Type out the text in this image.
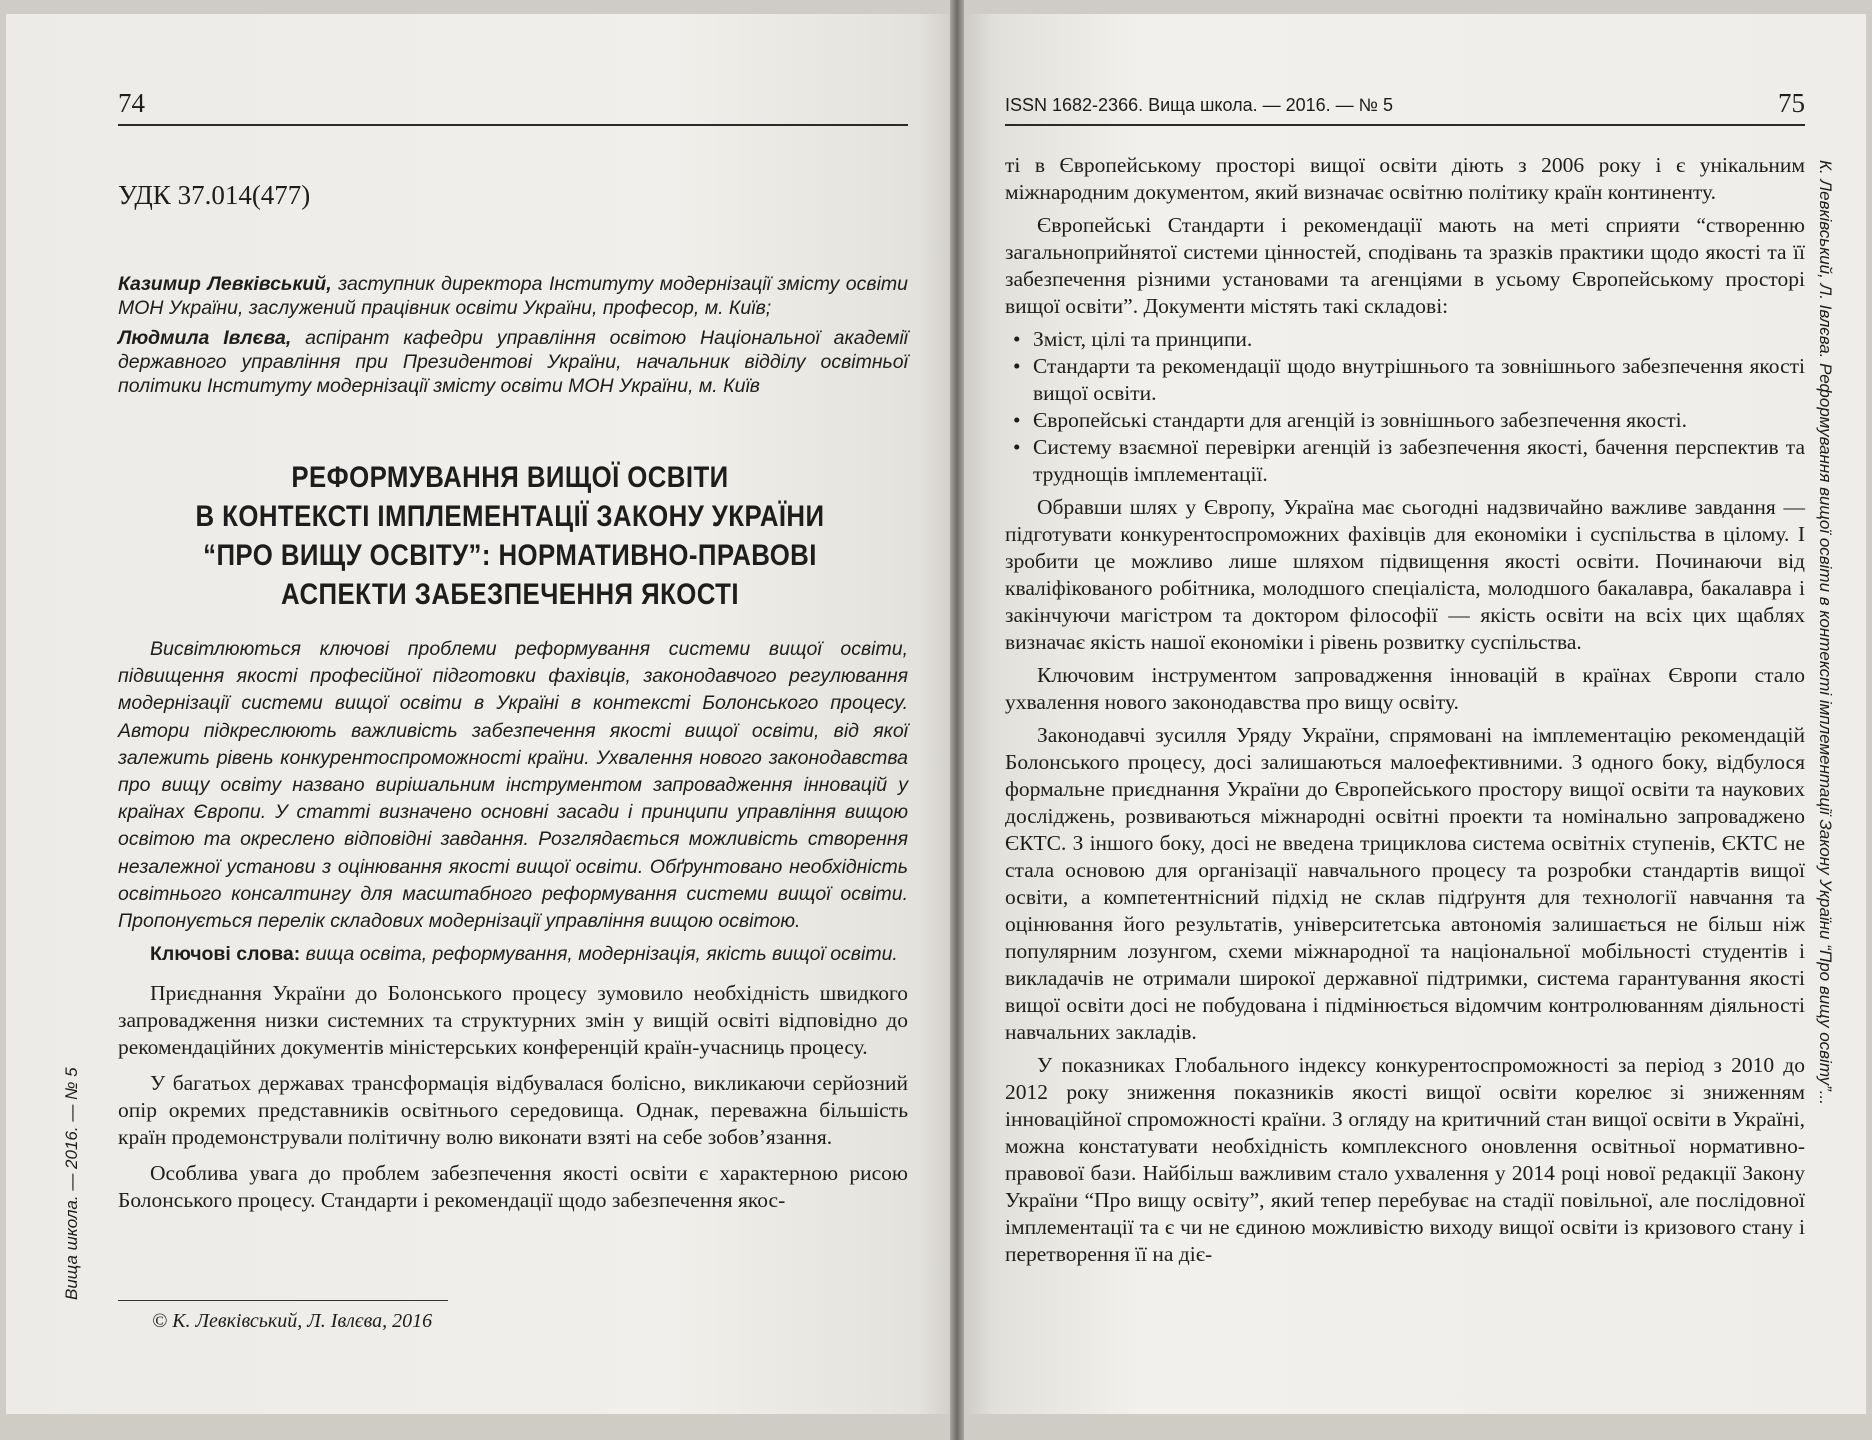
74
УДК 37.014(477)
Казимир Левківський, заступник директора Інституту модернізації змісту освіти МОН України, заслужений працівник освіти України, професор, м. Київ;
Людмила Івлєва, аспірант кафедри управління освітою Національної академії державного управління при Президентові України, начальник відділу освітньої політики Інституту модернізації змісту освіти МОН України, м. Київ
РЕФОРМУВАННЯ ВИЩОЇ ОСВІТИ
В КОНТЕКСТІ ІМПЛЕМЕНТАЦІЇ ЗАКОНУ УКРАЇНИ
“ПРО ВИЩУ ОСВІТУ”: НОРМАТИВНО-ПРАВОВІ
АСПЕКТИ ЗАБЕЗПЕЧЕННЯ ЯКОСТІ
Висвітлюються ключові проблеми реформування системи вищої освіти, підвищення якості професійної підготовки фахівців, законодавчого регулювання модернізації системи вищої освіти в Україні в контексті Болонського процесу. Автори підкреслюють важливість забезпечення якості вищої освіти, від якої залежить рівень конкурентоспроможності країни. Ухвалення нового законодавства про вищу освіту названо вирішальним інструментом запровадження інновацій у країнах Європи. У статті визначено основні засади і принципи управління вищою освітою та окреслено відповідні завдання. Розглядається можливість створення незалежної установи з оцінювання якості вищої освіти. Обґрунтовано необхідність освітнього консалтингу для масштабного реформування системи вищої освіти. Пропонується перелік складових модернізації управління вищою освітою.
Ключові слова: вища освіта, реформування, модернізація, якість вищої освіти.

Приєднання України до Болонського процесу зумовило необхідність швидкого запровадження низки системних та структурних змін у вищій освіті відповідно до рекомендаційних документів міністерських конференцій країн-учасниць процесу.

У багатьох державах трансформація відбувалася болісно, викликаючи серйозний опір окремих представників освітнього середовища. Однак, переважна більшість країн продемонстрували політичну волю виконати взяті на себе зобов’язання.

Особлива увага до проблем забезпечення якості освіти є характерною рисою Болонського процесу. Стандарти і рекомендації щодо забезпечення якос-

© К. Левківський, Л. Івлєва, 2016
Вища школа. — 2016. — № 5
ISSN 1682-2366. Вища школа. — 2016. — № 5	75

ті в Європейському просторі вищої освіти діють з 2006 року і є унікальним міжнародним документом, який визначає освітню політику країн континенту.

Європейські Стандарти і рекомендації мають на меті сприяти “створенню загальноприйнятої системи цінностей, сподівань та зразків практики щодо якості та її забезпечення різними установами та агенціями в усьому Європейському просторі вищої освіти”. Документи містять такі складові:

• Зміст, цілі та принципи.
• Стандарти та рекомендації щодо внутрішнього та зовнішнього забезпечення якості вищої освіти.
• Європейські стандарти для агенцій із зовнішнього забезпечення якості.
• Систему взаємної перевірки агенцій із забезпечення якості, бачення перспектив та труднощів імплементації.

Обравши шлях у Європу, Україна має сьогодні надзвичайно важливе завдання — підготувати конкурентоспроможних фахівців для економіки і суспільства в цілому. І зробити це можливо лише шляхом підвищення якості освіти. Починаючи від кваліфікованого робітника, молодшого спеціаліста, молодшого бакалавра, бакалавра і закінчуючи магістром та доктором філософії — якість освіти на всіх цих щаблях визначає якість нашої економіки і рівень розвитку суспільства.

Ключовим інструментом запровадження інновацій в країнах Європи стало ухвалення нового законодавства про вищу освіту.

Законодавчі зусилля Уряду України, спрямовані на імплементацію рекомендацій Болонського процесу, досі залишаються малоефективними. З одного боку, відбулося формальне приєднання України до Європейського простору вищої освіти та наукових досліджень, розвиваються міжнародні освітні проекти та номінально запроваджено ЄКТС. З іншого боку, досі не введена трициклова система освітніх ступенів, ЄКТС не стала основою для організації навчального процесу та розробки стандартів вищої освіти, а компетентнісний підхід не склав підґрунтя для технології навчання та оцінювання його результатів, університетська автономія залишається не більш ніж популярним лозунгом, схеми міжнародної та національної мобільності студентів і викладачів не отримали широкої державної підтримки, система гарантування якості вищої освіти досі не побудована і підмінюється відомчим контролюванням діяльності навчальних закладів.

У показниках Глобального індексу конкурентоспроможності за період з 2010 до 2012 року зниження показників якості вищої освіти корелює зі зниженням інноваційної спроможності країни. З огляду на критичний стан вищої освіти в Україні, можна констатувати необхідність комплексного оновлення освітньої нормативно-правової бази. Найбільш важливим стало ухвалення у 2014 році нової редакції Закону України “Про вищу освіту”, який тепер перебуває на стадії повільної, але послідовної імплементації та є чи не єдиною можливістю виходу вищої освіти із кризового стану і перетворення її на діє-

К. Левківський, Л. Івлєва. Реформування вищої освіти в контексті імплементації Закону України “Про вищу освіту”...
